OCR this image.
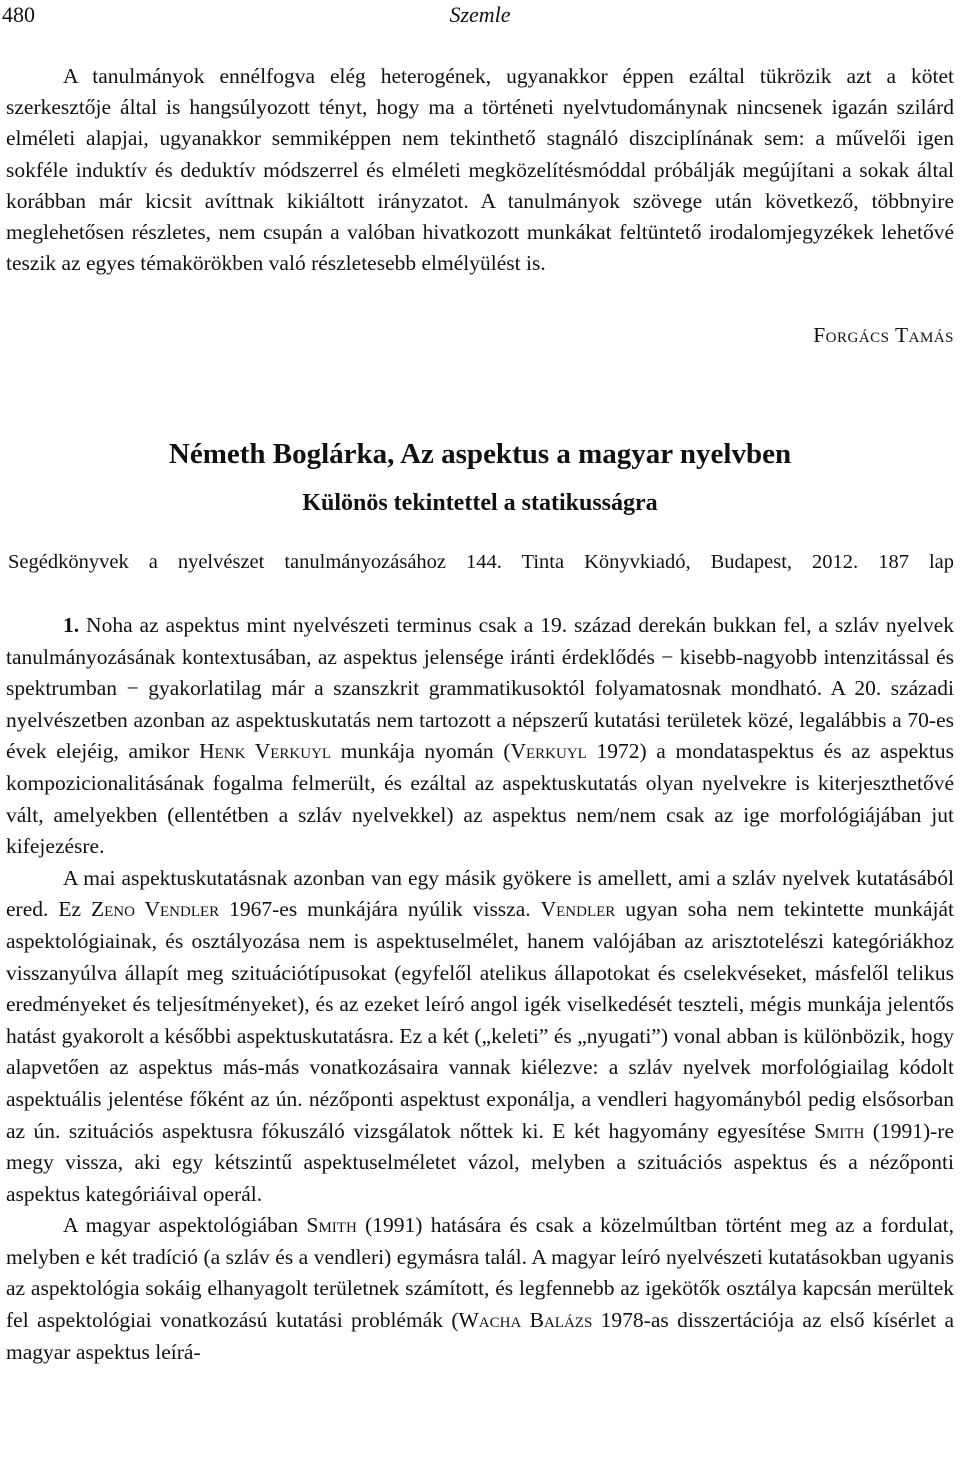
480	Szemle

A tanulmányok ennélfogva elég heterogének, ugyanakkor éppen ezáltal tükrözik azt a kötet szerkesztője által is hangsúlyozott tényt, hogy ma a történeti nyelvtudománynak nincsenek igazán szilárd elméleti alapjai, ugyanakkor semmiképpen nem tekinthető stagnáló diszciplínának sem: a művelői igen sokféle induktív és deduktív módszerrel és elméleti megközelítésmóddal próbálják megújítani a sokak által korábban már kicsit avíttnak kikiáltott irányzatot. A tanulmányok szövege után következő, többnyire meglehetősen részletes, nem csupán a valóban hivatkozott munkákat feltüntető irodalomjegyzékek lehetővé teszik az egyes témakörökben való részletesebb elmélyülést is.

Forgács Tamás
Németh Boglárka, Az aspektus a magyar nyelvben
Különös tekintettel a statikusságra
Segédkönyvek a nyelvészet tanulmányozásához 144. Tinta Könyvkiadó, Budapest, 2012. 187 lap

1. Noha az aspektus mint nyelvészeti terminus csak a 19. század derekán bukkan fel, a szláv nyelvek tanulmányozásának kontextusában, az aspektus jelensége iránti érdeklődés − kisebb-nagyobb intenzitással és spektrumban − gyakorlatilag már a szanszkrit grammatikusoktól folyamatosnak mondható. A 20. századi nyelvészetben azonban az aspektuskutatás nem tartozott a népszerű kutatási területek közé, legalábbis a 70-es évek elejéig, amikor Henk Verkuyl munkája nyomán (Verkuyl 1972) a mondataspektus és az aspektus kompozicionalitásának fogalma felmerült, és ezáltal az aspektuskutatás olyan nyelvekre is kiterjeszthetővé vált, amelyekben (ellentétben a szláv nyelvekkel) az aspektus nem/nem csak az ige morfológiájában jut kifejezésre.

A mai aspektuskutatásnak azonban van egy másik gyökere is amellett, ami a szláv nyelvek kutatásából ered. Ez Zeno Vendler 1967-es munkájára nyúlik vissza. Vendler ugyan soha nem tekintette munkáját aspektológiainak, és osztályozása nem is aspektuselmélet, hanem valójában az arisztotelészi kategóriákhoz visszanyúlva állapít meg szituációtípusokat (egyfelől atelikus állapotokat és cselekvéseket, másfelől telikus eredményeket és teljesítményeket), és az ezeket leíró angol igék viselkedését teszteli, mégis munkája jelentős hatást gyakorolt a későbbi aspektuskutatásra. Ez a két („keleti” és „nyugati”) vonal abban is különbözik, hogy alapvetően az aspektus más-más vonatkozásaira vannak kiélezve: a szláv nyelvek morfológiailag kódolt aspektuális jelentése főként az ún. nézőponti aspektust exponálja, a vendleri hagyományból pedig elsősorban az ún. szituációs aspektusra fókuszáló vizsgálatok nőttek ki. E két hagyomány egyesítése Smith (1991)-re megy vissza, aki egy kétszintű aspektuselméletet vázol, melyben a szituációs aspektus és a nézőponti aspektus kategóriáival operál.

A magyar aspektológiában Smith (1991) hatására és csak a közelmúltban történt meg az a fordulat, melyben e két tradíció (a szláv és a vendleri) egymásra talál. A magyar leíró nyelvészeti kutatásokban ugyanis az aspektológia sokáig elhanyagolt területnek számított, és legfennebb az igekötők osztálya kapcsán merültek fel aspektológiai vonatkozású kutatási problémák (Wacha Balázs 1978-as disszertációja az első kísérlet a magyar aspektus leírá-
